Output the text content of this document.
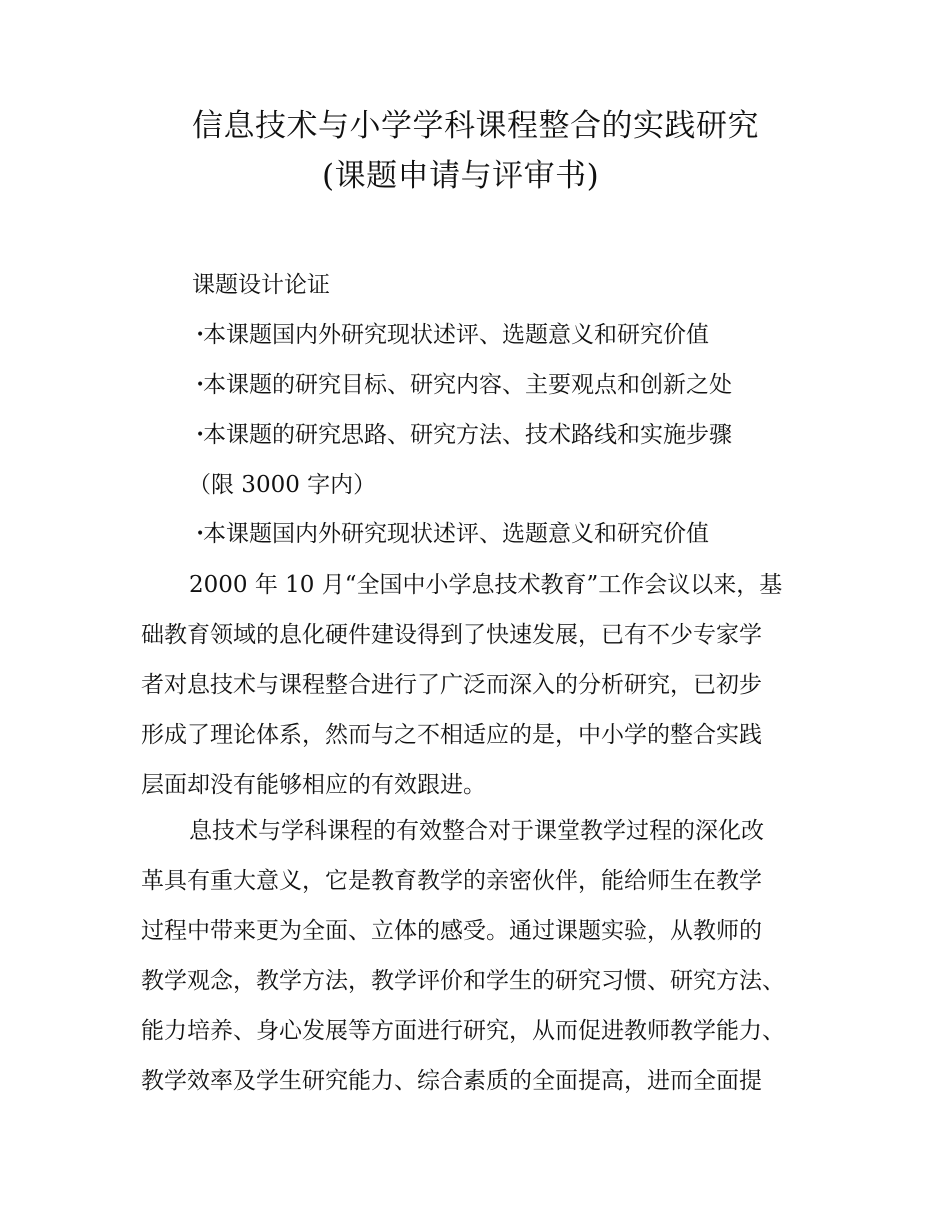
信息技术与小学学科课程整合的实践研究
(课题申请与评审书)
课题设计论证
•本课题国内外研究现状述评、选题意义和研究价值
•本课题的研究目标、研究内容、主要观点和创新之处
•本课题的研究思路、研究方法、技术路线和实施步骤
（限 3000 字内）
•本课题国内外研究现状述评、选题意义和研究价值
2000 年 10 月“全国中小学息技术教育”工作会议以来，基
础教育领域的息化硬件建设得到了快速发展，已有不少专家学
者对息技术与课程整合进行了广泛而深入的分析研究，已初步
形成了理论体系，然而与之不相适应的是，中小学的整合实践
层面却没有能够相应的有效跟进。
息技术与学科课程的有效整合对于课堂教学过程的深化改
革具有重大意义，它是教育教学的亲密伙伴，能给师生在教学
过程中带来更为全面、立体的感受。通过课题实验，从教师的
教学观念，教学方法，教学评价和学生的研究习惯、研究方法、
能力培养、身心发展等方面进行研究，从而促进教师教学能力、
教学效率及学生研究能力、综合素质的全面提高，进而全面提
